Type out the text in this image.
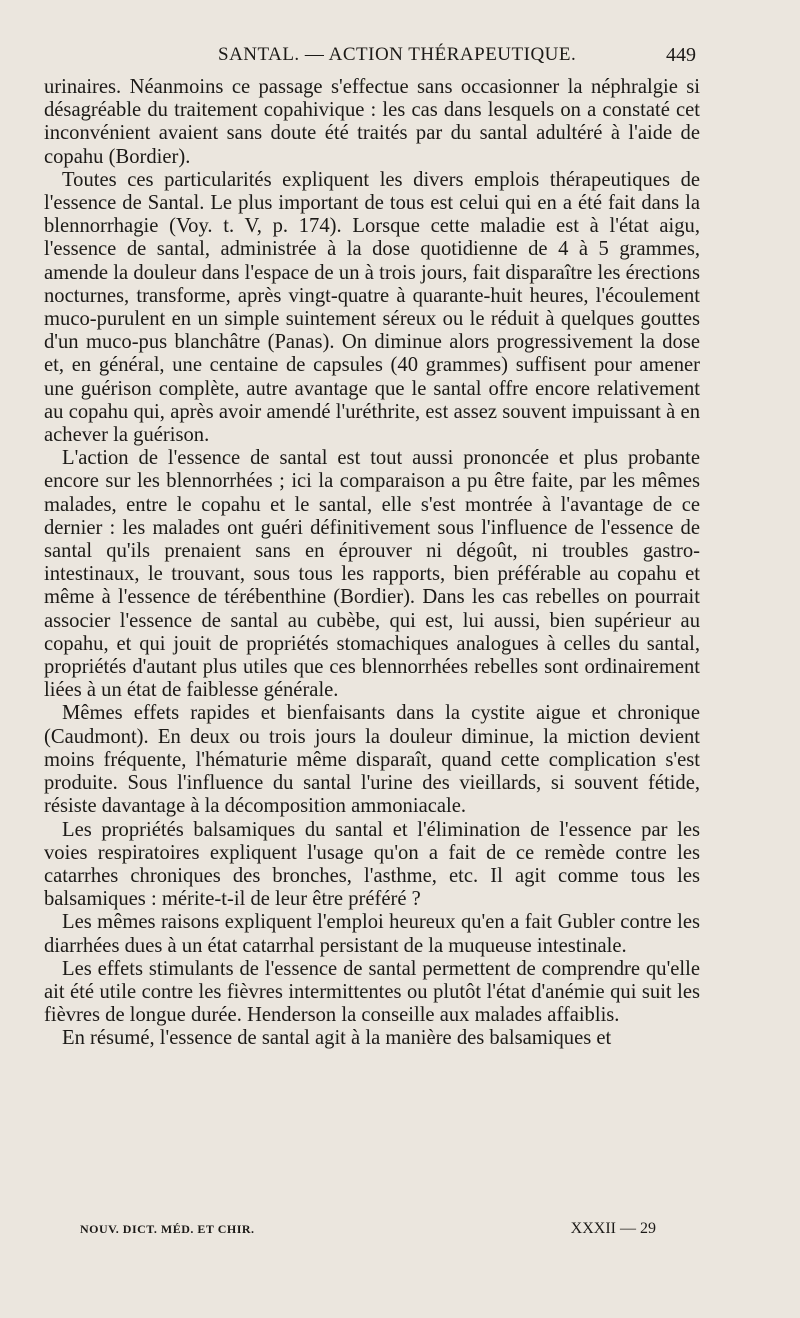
SANTAL. — ACTION THÉRAPEUTIQUE.	449

urinaires. Néanmoins ce passage s'effectue sans occasionner la néphralgie si désagréable du traitement copahivique : les cas dans lesquels on a constaté cet inconvénient avaient sans doute été traités par du santal adultéré à l'aide de copahu (Bordier).

Toutes ces particularités expliquent les divers emplois thérapeutiques de l'essence de Santal. Le plus important de tous est celui qui en a été fait dans la blennorrhagie (Voy. t. V, p. 174). Lorsque cette maladie est à l'état aigu, l'essence de santal, administrée à la dose quotidienne de 4 à 5 grammes, amende la douleur dans l'espace de un à trois jours, fait disparaître les érections nocturnes, transforme, après vingt-quatre à quarante-huit heures, l'écoulement muco-purulent en un simple suintement séreux ou le réduit à quelques gouttes d'un muco-pus blanchâtre (Panas). On diminue alors progressivement la dose et, en général, une centaine de capsules (40 grammes) suffisent pour amener une guérison complète, autre avantage que le santal offre encore relativement au copahu qui, après avoir amendé l'uréthrite, est assez souvent impuissant à en achever la guérison.

L'action de l'essence de santal est tout aussi prononcée et plus probante encore sur les blennorrhées ; ici la comparaison a pu être faite, par les mêmes malades, entre le copahu et le santal, elle s'est montrée à l'avantage de ce dernier : les malades ont guéri définitivement sous l'influence de l'essence de santal qu'ils prenaient sans en éprouver ni dégoût, ni troubles gastro-intestinaux, le trouvant, sous tous les rapports, bien préférable au copahu et même à l'essence de térébenthine (Bordier). Dans les cas rebelles on pourrait associer l'essence de santal au cubèbe, qui est, lui aussi, bien supérieur au copahu, et qui jouit de propriétés stomachiques analogues à celles du santal, propriétés d'autant plus utiles que ces blennorrhées rebelles sont ordinairement liées à un état de faiblesse générale.

Mêmes effets rapides et bienfaisants dans la cystite aigue et chronique (Caudmont). En deux ou trois jours la douleur diminue, la miction devient moins fréquente, l'hématurie même disparaît, quand cette complication s'est produite. Sous l'influence du santal l'urine des vieillards, si souvent fétide, résiste davantage à la décomposition ammoniacale.

Les propriétés balsamiques du santal et l'élimination de l'essence par les voies respiratoires expliquent l'usage qu'on a fait de ce remède contre les catarrhes chroniques des bronches, l'asthme, etc. Il agit comme tous les balsamiques : mérite-t-il de leur être préféré ?

Les mêmes raisons expliquent l'emploi heureux qu'en a fait Gubler contre les diarrhées dues à un état catarrhal persistant de la muqueuse intestinale.

Les effets stimulants de l'essence de santal permettent de comprendre qu'elle ait été utile contre les fièvres intermittentes ou plutôt l'état d'anémie qui suit les fièvres de longue durée. Henderson la conseille aux malades affaiblis.

En résumé, l'essence de santal agit à la manière des balsamiques et

NOUV. DICT. MÉD. ET CHIR.	XXXII — 29
